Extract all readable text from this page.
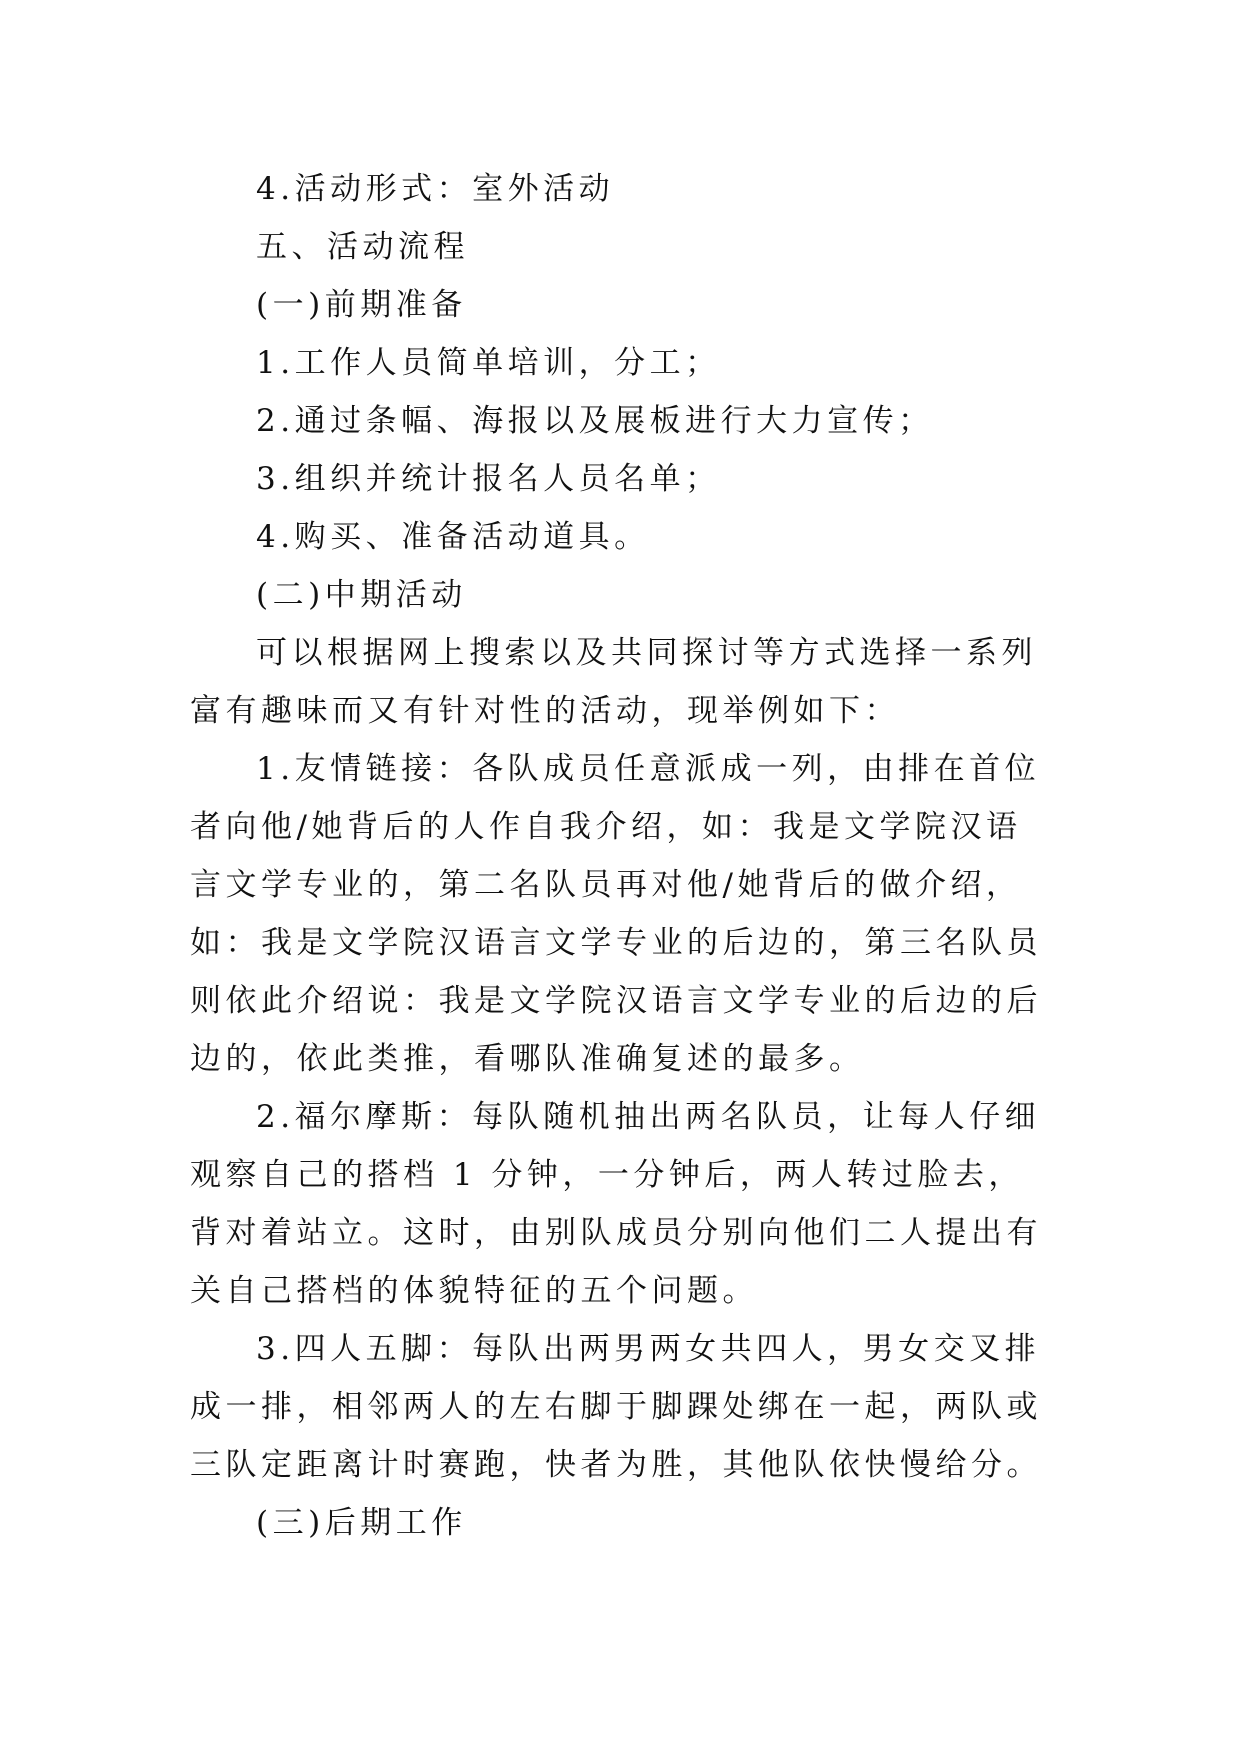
4.活动形式：室外活动

五、活动流程

(一)前期准备

1.工作人员简单培训，分工；

2.通过条幅、海报以及展板进行大力宣传；

3.组织并统计报名人员名单；

4.购买、准备活动道具。

(二)中期活动

可以根据网上搜索以及共同探讨等方式选择一系列富有趣味而又有针对性的活动，现举例如下：

1.友情链接：各队成员任意派成一列，由排在首位者向他/她背后的人作自我介绍，如：我是文学院汉语言文学专业的，第二名队员再对他/她背后的做介绍，如：我是文学院汉语言文学专业的后边的，第三名队员则依此介绍说：我是文学院汉语言文学专业的后边的后边的，依此类推，看哪队准确复述的最多。

2.福尔摩斯：每队随机抽出两名队员，让每人仔细观察自己的搭档 1 分钟，一分钟后，两人转过脸去，背对着站立。这时，由别队成员分别向他们二人提出有关自己搭档的体貌特征的五个问题。

3.四人五脚：每队出两男两女共四人，男女交叉排成一排，相邻两人的左右脚于脚踝处绑在一起，两队或三队定距离计时赛跑，快者为胜，其他队依快慢给分。

(三)后期工作
